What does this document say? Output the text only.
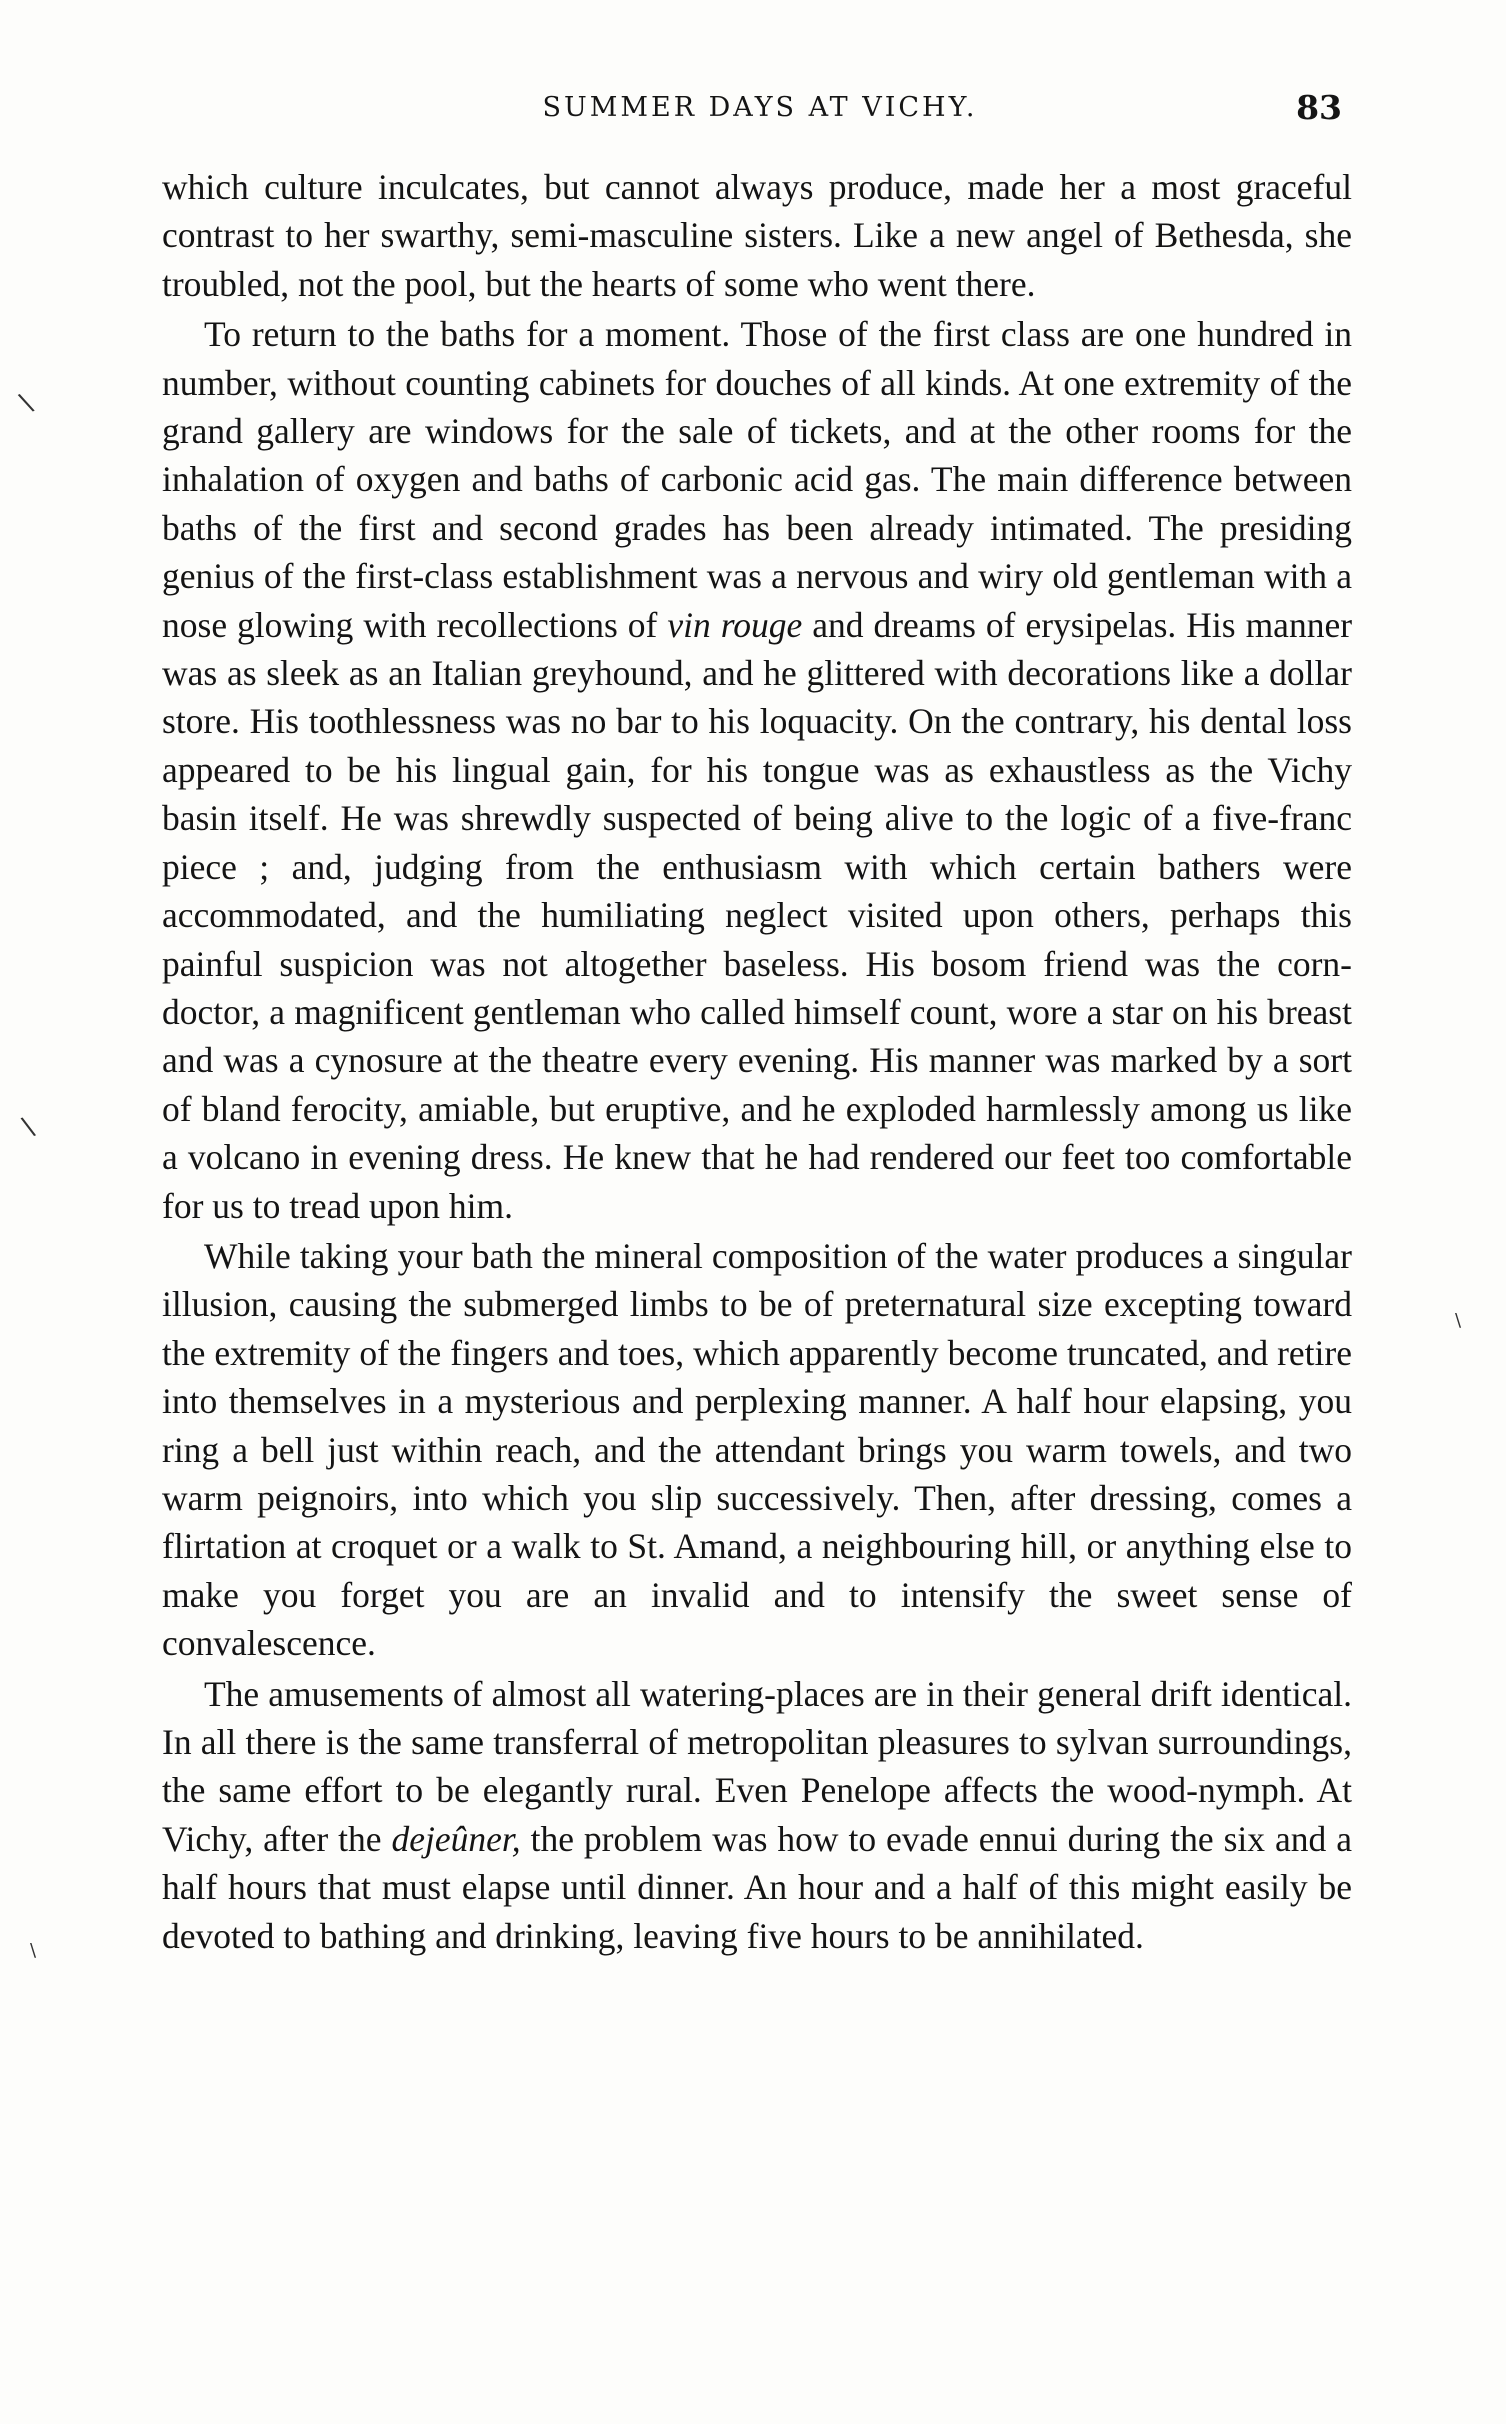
SUMMER DAYS AT VICHY.	83

which culture inculcates, but cannot always produce, made her a most graceful contrast to her swarthy, semi-masculine sisters. Like a new angel of Bethesda, she troubled, not the pool, but the hearts of some who went there.

To return to the baths for a moment. Those of the first class are one hundred in number, without counting cabinets for douches of all kinds. At one extremity of the grand gallery are windows for the sale of tickets, and at the other rooms for the inhalation of oxygen and baths of carbonic acid gas. The main difference between baths of the first and second grades has been already intimated. The presiding genius of the first-class establishment was a nervous and wiry old gentleman with a nose glowing with recollections of vin rouge and dreams of erysipelas. His manner was as sleek as an Italian greyhound, and he glittered with decorations like a dollar store. His toothlessness was no bar to his loquacity. On the contrary, his dental loss appeared to be his lingual gain, for his tongue was as exhaustless as the Vichy basin itself. He was shrewdly suspected of being alive to the logic of a five-franc piece ; and, judging from the enthusiasm with which certain bathers were accommodated, and the humiliating neglect visited upon others, perhaps this painful suspicion was not altogether baseless. His bosom friend was the corn-doctor, a magnificent gentleman who called himself count, wore a star on his breast and was a cynosure at the theatre every evening. His manner was marked by a sort of bland ferocity, amiable, but eruptive, and he exploded harmlessly among us like a volcano in evening dress. He knew that he had rendered our feet too comfortable for us to tread upon him.

While taking your bath the mineral composition of the water produces a singular illusion, causing the submerged limbs to be of preternatural size excepting toward the extremity of the fingers and toes, which apparently become truncated, and retire into themselves in a mysterious and perplexing manner. A half hour elapsing, you ring a bell just within reach, and the attendant brings you warm towels, and two warm peignoirs, into which you slip successively. Then, after dressing, comes a flirtation at croquet or a walk to St. Amand, a neighbouring hill, or anything else to make you forget you are an invalid and to intensify the sweet sense of convalescence.

The amusements of almost all watering-places are in their general drift identical. In all there is the same transferral of metropolitan pleasures to sylvan surroundings, the same effort to be elegantly rural. Even Penelope affects the wood-nymph. At Vichy, after the dejeûner, the problem was how to evade ennui during the six and a half hours that must elapse until dinner. An hour and a half of this might easily be devoted to bathing and drinking, leaving five hours to be annihilated.

\
\
\
\
